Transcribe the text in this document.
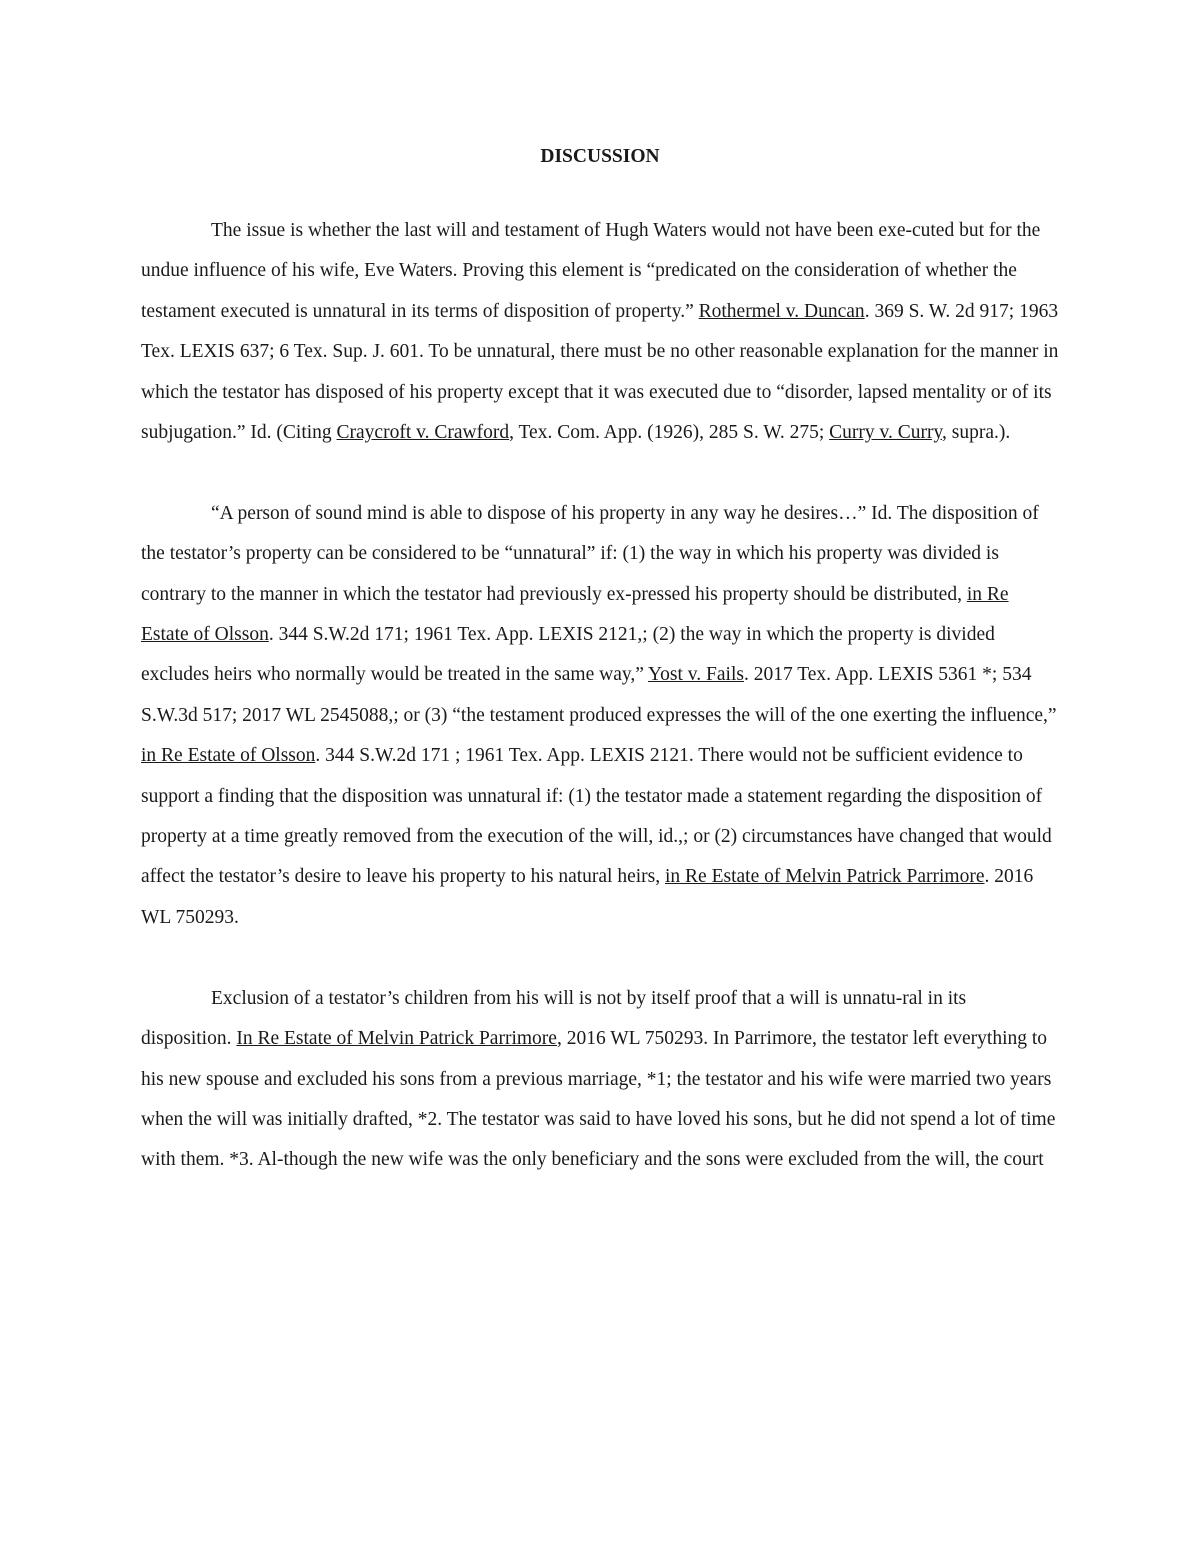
DISCUSSION

The issue is whether the last will and testament of Hugh Waters would not have been exe-cuted but for the undue influence of his wife, Eve Waters. Proving this element is “predicated on the consideration of whether the testament executed is unnatural in its terms of disposition of property.” Rothermel v. Duncan. 369 S. W. 2d 917; 1963 Tex. LEXIS 637; 6 Tex. Sup. J. 601. To be unnatural, there must be no other reasonable explanation for the manner in which the testator has disposed of his property except that it was executed due to “disorder, lapsed mentality or of its subjugation.” Id. (Citing Craycroft v. Crawford, Tex. Com. App. (1926), 285 S. W. 275; Curry v. Curry, supra.).

“A person of sound mind is able to dispose of his property in any way he desires…” Id. The disposition of the testator’s property can be considered to be “unnatural” if: (1) the way in which his property was divided is contrary to the manner in which the testator had previously ex-pressed his property should be distributed, in Re Estate of Olsson. 344 S.W.2d 171; 1961 Tex. App. LEXIS 2121,; (2) the way in which the property is divided excludes heirs who normally would be treated in the same way,” Yost v. Fails. 2017 Tex. App. LEXIS 5361 *; 534 S.W.3d 517; 2017 WL 2545088,; or (3) “the testament produced expresses the will of the one exerting the influence,” in Re Estate of Olsson. 344 S.W.2d 171 ; 1961 Tex. App. LEXIS 2121. There would not be sufficient evidence to support a finding that the disposition was unnatural if: (1) the testator made a statement regarding the disposition of property at a time greatly removed from the execution of the will, id.,; or (2) circumstances have changed that would affect the testator’s desire to leave his property to his natural heirs, in Re Estate of Melvin Patrick Parrimore. 2016 WL 750293.

Exclusion of a testator’s children from his will is not by itself proof that a will is unnatu-ral in its disposition. In Re Estate of Melvin Patrick Parrimore, 2016 WL 750293. In Parrimore, the testator left everything to his new spouse and excluded his sons from a previous marriage, *1; the testator and his wife were married two years when the will was initially drafted, *2. The testator was said to have loved his sons, but he did not spend a lot of time with them. *3. Al-though the new wife was the only beneficiary and the sons were excluded from the will, the court
